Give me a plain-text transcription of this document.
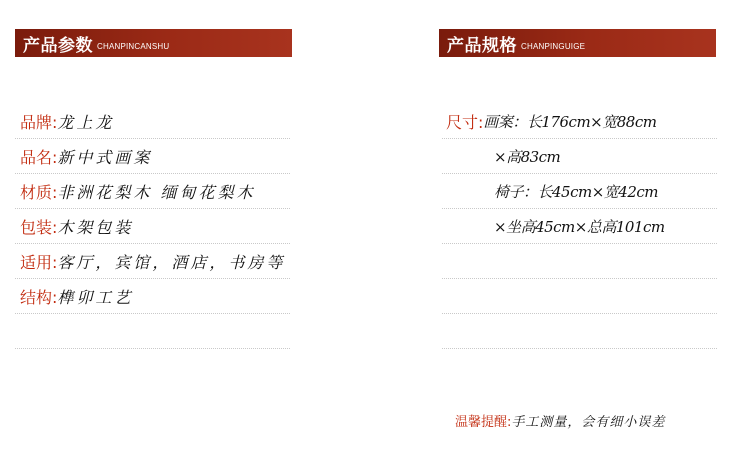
产品参数 CHANPINCANSHU	产品规格 CHANPINGUIGE
品牌: 龙上龙
品名: 新中式画案
材质: 非洲花梨木 缅甸花梨木
包装: 木架包装
适用: 客厅，宾馆，酒店，书房等
结构: 榫卯工艺
尺寸: 画案：长176cm×宽88cm
×高83cm
椅子：长45cm×宽42cm
×坐高45cm×总高101cm
温馨提醒:手工测量，会有细小误差
